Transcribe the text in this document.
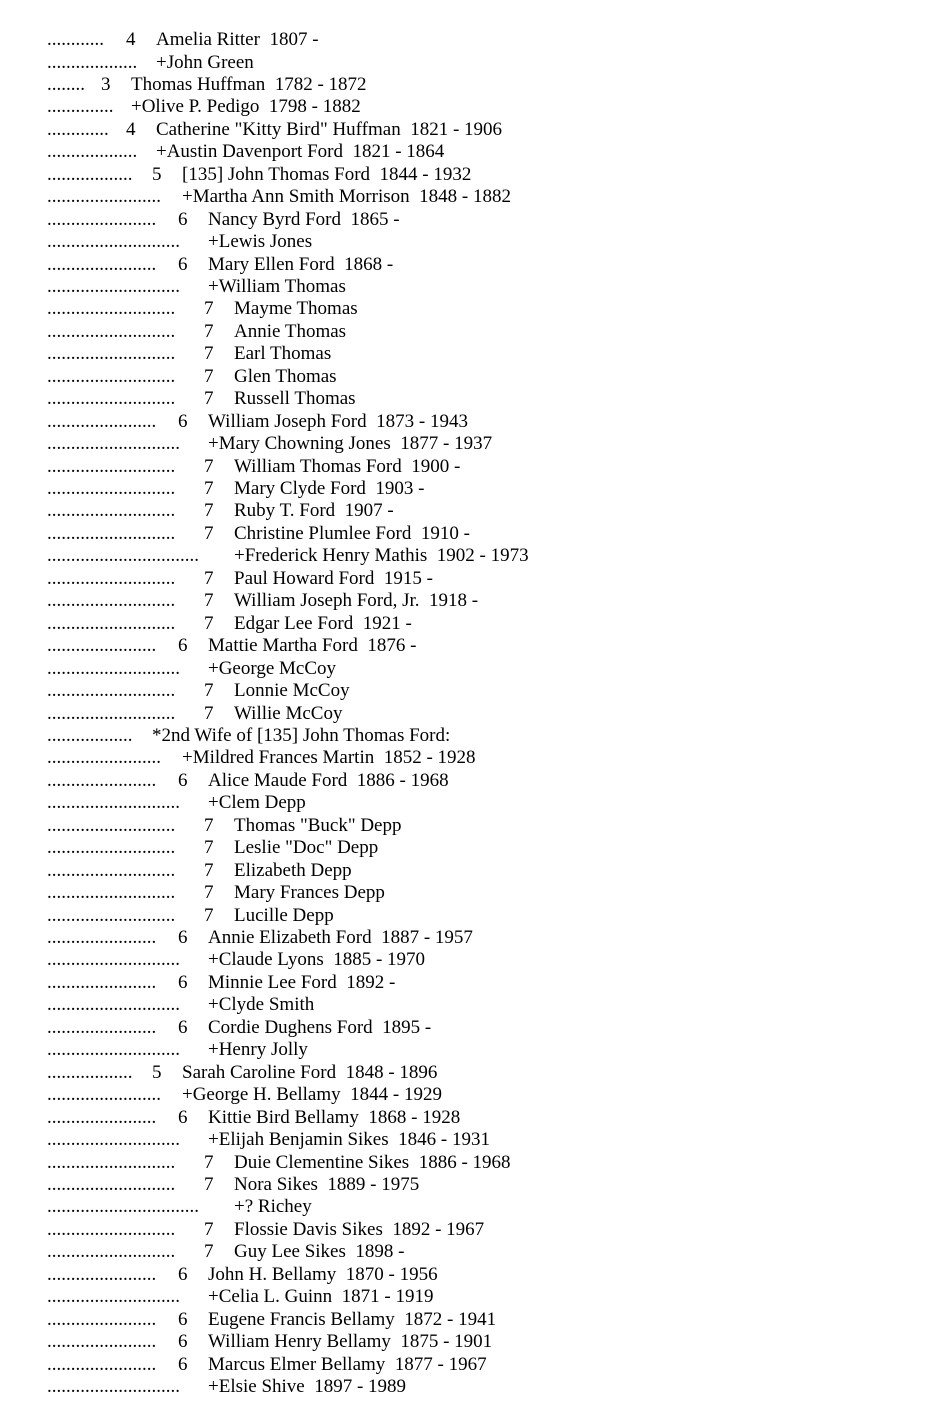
............ 4 Amelia Ritter  1807 -
................... +John Green
........ 3 Thomas Huffman  1782 - 1872
.............. +Olive P. Pedigo  1798 - 1882
............. 4 Catherine "Kitty Bird" Huffman  1821 - 1906
................... +Austin Davenport Ford  1821 - 1864
.................. 5 [135] John Thomas Ford  1844 - 1932
........................ +Martha Ann Smith Morrison  1848 - 1882
....................... 6 Nancy Byrd Ford  1865 -
............................ +Lewis Jones
....................... 6 Mary Ellen Ford  1868 -
............................ +William Thomas
........................... 7 Mayme Thomas
........................... 7 Annie Thomas
........................... 7 Earl Thomas
........................... 7 Glen Thomas
........................... 7 Russell Thomas
....................... 6 William Joseph Ford  1873 - 1943
............................ +Mary Chowning Jones  1877 - 1937
........................... 7 William Thomas Ford  1900 -
........................... 7 Mary Clyde Ford  1903 -
........................... 7 Ruby T. Ford  1907 -
........................... 7 Christine Plumlee Ford  1910 -
................................ +Frederick Henry Mathis  1902 - 1973
........................... 7 Paul Howard Ford  1915 -
........................... 7 William Joseph Ford, Jr.  1918 -
........................... 7 Edgar Lee Ford  1921 -
....................... 6 Mattie Martha Ford  1876 -
............................ +George McCoy
........................... 7 Lonnie McCoy
........................... 7 Willie McCoy
.................. *2nd Wife of [135] John Thomas Ford:
........................ +Mildred Frances Martin  1852 - 1928
....................... 6 Alice Maude Ford  1886 - 1968
............................ +Clem Depp
........................... 7 Thomas "Buck" Depp
........................... 7 Leslie "Doc" Depp
........................... 7 Elizabeth Depp
........................... 7 Mary Frances Depp
........................... 7 Lucille Depp
....................... 6 Annie Elizabeth Ford  1887 - 1957
............................ +Claude Lyons  1885 - 1970
....................... 6 Minnie Lee Ford  1892 -
............................ +Clyde Smith
....................... 6 Cordie Dughens Ford  1895 -
............................ +Henry Jolly
.................. 5 Sarah Caroline Ford  1848 - 1896
........................ +George H. Bellamy  1844 - 1929
....................... 6 Kittie Bird Bellamy  1868 - 1928
............................ +Elijah Benjamin Sikes  1846 - 1931
........................... 7 Duie Clementine Sikes  1886 - 1968
........................... 7 Nora Sikes  1889 - 1975
................................ +? Richey
........................... 7 Flossie Davis Sikes  1892 - 1967
........................... 7 Guy Lee Sikes  1898 -
....................... 6 John H. Bellamy  1870 - 1956
............................ +Celia L. Guinn  1871 - 1919
....................... 6 Eugene Francis Bellamy  1872 - 1941
....................... 6 William Henry Bellamy  1875 - 1901
....................... 6 Marcus Elmer Bellamy  1877 - 1967
............................ +Elsie Shive  1897 - 1989
